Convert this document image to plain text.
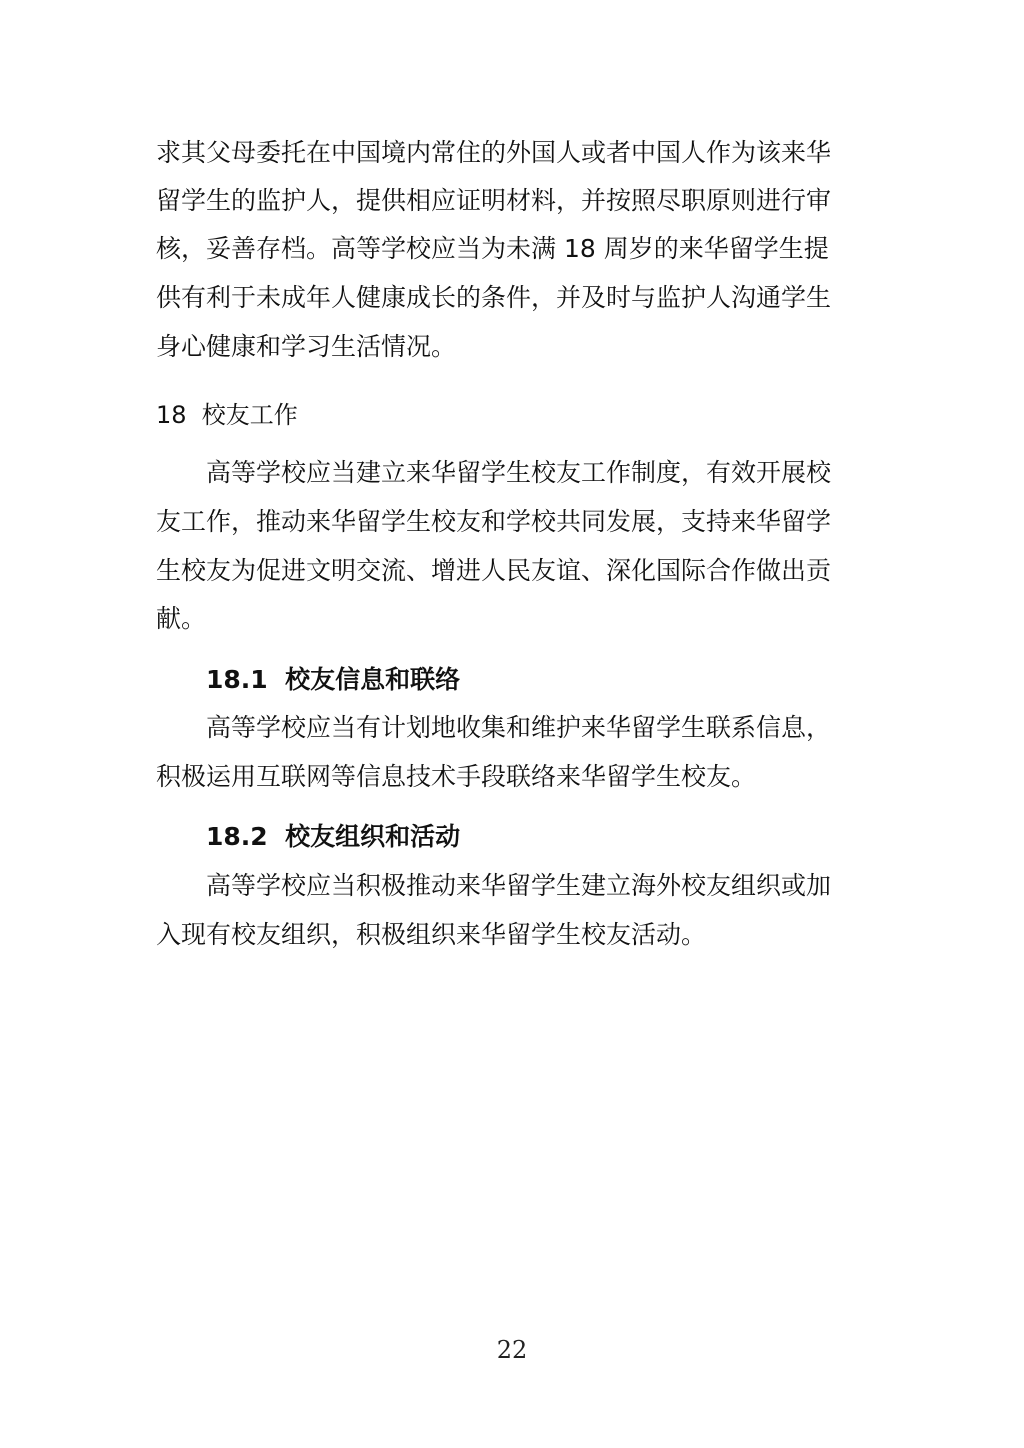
求其父母委托在中国境内常住的外国人或者中国人作为该来华

留学生的监护人，提供相应证明材料，并按照尽职原则进行审

核，妥善存档。高等学校应当为未满 18 周岁的来华留学生提

供有利于未成年人健康成长的条件，并及时与监护人沟通学生

身心健康和学习生活情况。

18  校友工作

高等学校应当建立来华留学生校友工作制度，有效开展校

友工作，推动来华留学生校友和学校共同发展，支持来华留学

生校友为促进文明交流、增进人民友谊、深化国际合作做出贡

献。

18.1  校友信息和联络

高等学校应当有计划地收集和维护来华留学生联系信息，

积极运用互联网等信息技术手段联络来华留学生校友。

18.2  校友组织和活动

高等学校应当积极推动来华留学生建立海外校友组织或加

入现有校友组织，积极组织来华留学生校友活动。

22
